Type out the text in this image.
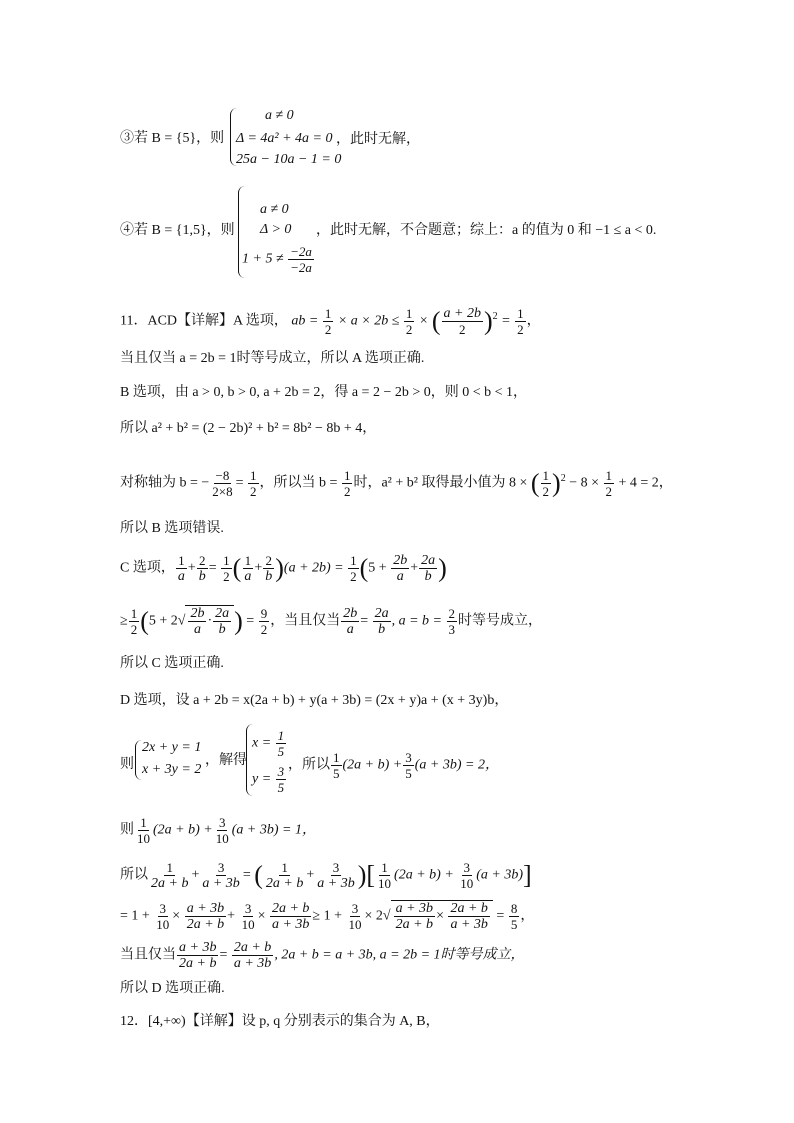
③若 B = {5}，则
a ≠ 0
Δ = 4a² + 4a = 0 ，此时无解，
25a − 10a − 1 = 0
④若 B = {1,5}，则
a ≠ 0
Δ > 0 ，此时无解，不合题意；综上：a 的值为 0 和 −1 ≤ a < 0.
$1 + 5 \ne \frac{-2a}{-2a}$
11．ACD【详解】A 选项， ab = $\frac{1}{2} \times a \times 2b \le \frac{1}{2}$ × ( $\frac{a + 2b}{2} )^2 = \frac{1}{2}$ ，
当且仅当 a = 2b = 1时等号成立，所以 A 选项正确.
B 选项，由 a > 0, b > 0, a + 2b = 2，得 a = 2 − 2b > 0，则 0 < b < 1，
所以 a² + b² = (2 − 2b)² + b² = 8b² − 8b + 4，
对称轴为 b = − $\frac{-8}{2\times 8} = \frac{1}{2}$ ，所以当 $b = \frac{1}{2}$ 时，a² + b² 取得最小值为 8 × ( $\frac{1}{2} )^2 - 8 \times \frac{1}{2} + 4 = 2$，
所以 B 选项错误.
C 选项， $\frac{1}{a} + \frac{2}{b} = \frac{1}{2}$ ( $\frac{1}{a} + \frac{2}{b} )(a + 2b) = \frac{1}{2} (5 + \frac{2b}{a} + \frac{2a}{b}$ )
≥ $\frac{1}{2} (5 + 2√ \frac{2b}{a} \cdot \frac{2a}{b}$ ) = $\frac{9}{2}$ ，当且仅当 $\frac{2b}{a} = \frac{2a}{b}$ , $a = b = \frac{2}{3}$ 时等号成立，
所以 C 选项正确.
D 选项，设 a + 2b = x(2a + b) + y(a + 3b) = (2x + y)a + (x + 3y)b，
则
2x + y = 1
x + 3y = 2
，解得
$x = \frac{1}{5}$
$y = \frac{3}{5}$ ，所以 $\frac{1}{5} (2a + b) + \frac{3}{5} (a + 3b) = 2$，
则 $\frac{1}{10} (2a + b) + \frac{3}{10} (a + 3b) = 1$，
所以 $\frac{1}{2a + b} + \frac{3}{a + 3b}$ = ( $\frac{1}{2a + b} + \frac{3}{a + 3b}$ )[ $\frac{1}{10} (2a + b) + \frac{3}{10} (a + 3b)$]
= $1 + \frac{3}{10} \times \frac{a + 3b}{2a + b} + \frac{3}{10} \times \frac{2a + b}{a + 3b} \ge 1 + \frac{3}{10} \times 2√ \frac{a + 3b}{2a + b} \times \frac{2a + b}{a + 3b} = \frac{8}{5}$ ，
当且仅当 $\frac{a + 3b}{2a + b} = \frac{2a + b}{a + 3b}$ , 2a + b = a + 3b, a = 2b = 1时等号成立，
所以 D 选项正确.
12．[4,+∞)【详解】设 p, q 分别表示的集合为 A, B，
